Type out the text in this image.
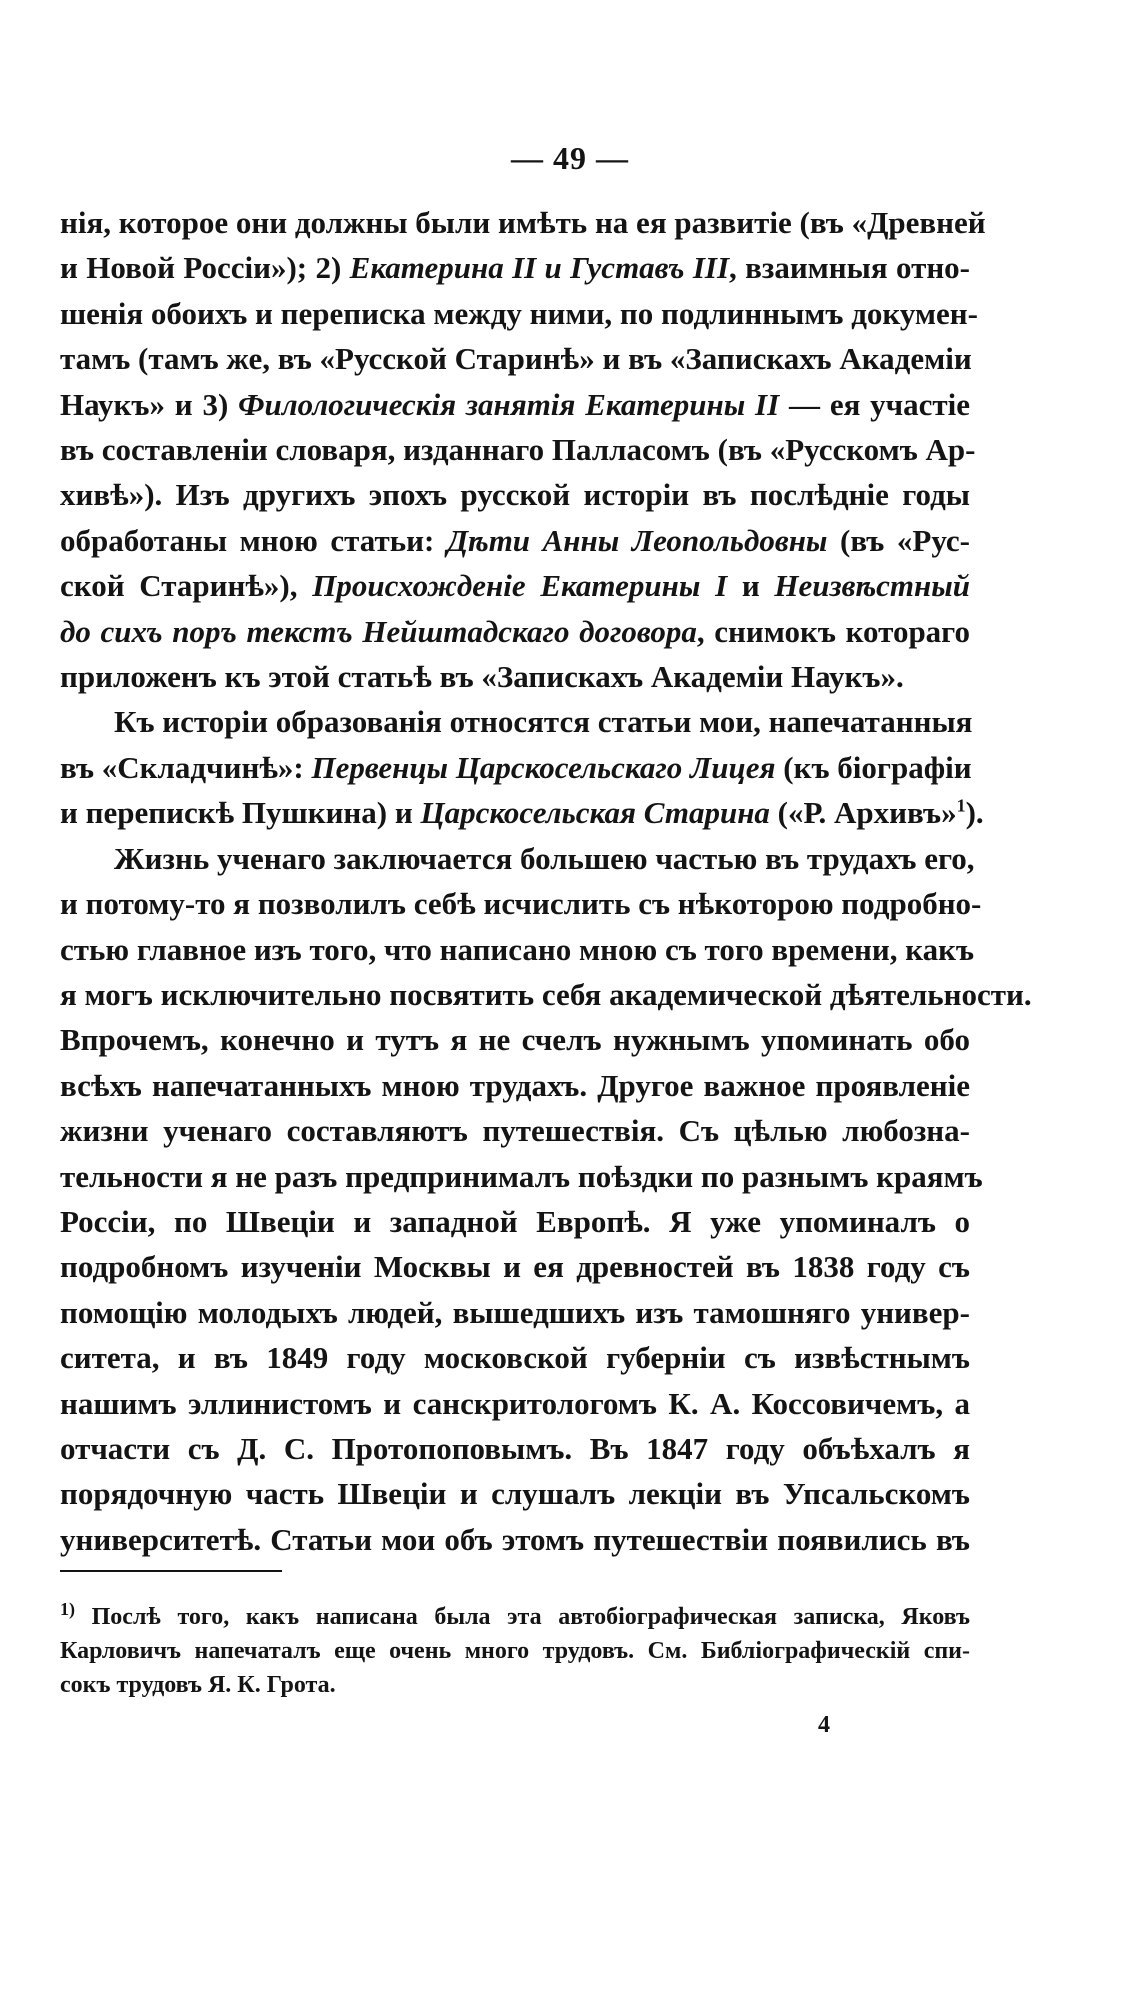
— 49 —
нія, которое они должны были имѣть на ея развитіе (въ «Древней
и Новой Россіи»); 2) Екатерина II и Густавъ III, взаимныя отно-
шенія обоихъ и переписка между ними, по подлиннымъ докумен-
тамъ (тамъ же, въ «Русской Старинѣ» и въ «Запискахъ Академіи
Наукъ» и 3) Филологическія занятія Екатерины II — ея участіе
въ составленіи словаря, изданнаго Палласомъ (въ «Русскомъ Ар-
хивѣ»). Изъ другихъ эпохъ русской исторіи въ послѣдніе годы
обработаны мною статьи: Дѣти Анны Леопольдовны (въ «Рус-
ской Старинѣ»), Происхожденіе Екатерины I и Неизвѣстный
до сихъ поръ текстъ Нейштадскаго договора, снимокъ котораго
приложенъ къ этой статьѣ въ «Запискахъ Академіи Наукъ».
Къ исторіи образованія относятся статьи мои, напечатанныя
въ «Складчинѣ»: Первенцы Царскосельскаго Лицея (къ біографіи
и перепискѣ Пушкина) и Царскосельская Старина («Р. Архивъ»$^1$).
Жизнь ученаго заключается большею частью въ трудахъ его,
и потому-то я позволилъ себѣ исчислить съ нѣкоторою подробно-
стью главное изъ того, что написано мною съ того времени, какъ
я могъ исключительно посвятить себя академической дѣятельности.
Впрочемъ, конечно и тутъ я не счелъ нужнымъ упоминать обо
всѣхъ напечатанныхъ мною трудахъ. Другое важное проявленіе
жизни ученаго составляютъ путешествія. Съ цѣлью любозна-
тельности я не разъ предпринималъ поѣздки по разнымъ краямъ
Россіи, по Швеціи и западной Европѣ. Я уже упоминалъ о
подробномъ изученіи Москвы и ея древностей въ 1838 году съ
помощію молодыхъ людей, вышедшихъ изъ тамошняго универ-
ситета, и въ 1849 году московской губерніи съ извѣстнымъ
нашимъ эллинистомъ и санскритологомъ К. А. Коссовичемъ, а
отчасти съ Д. С. Протопоповымъ. Въ 1847 году объѣхалъ я
порядочную часть Швеціи и слушалъ лекціи въ Упсальскомъ
университетѣ. Статьи мои объ этомъ путешествіи появились въ
$^{1)}$ Послѣ того, какъ написана была эта автобіографическая записка, Яковъ
Карловичъ напечаталъ еще очень много трудовъ. См. Библіографическій спи-
сокъ трудовъ Я. К. Грота.
4
